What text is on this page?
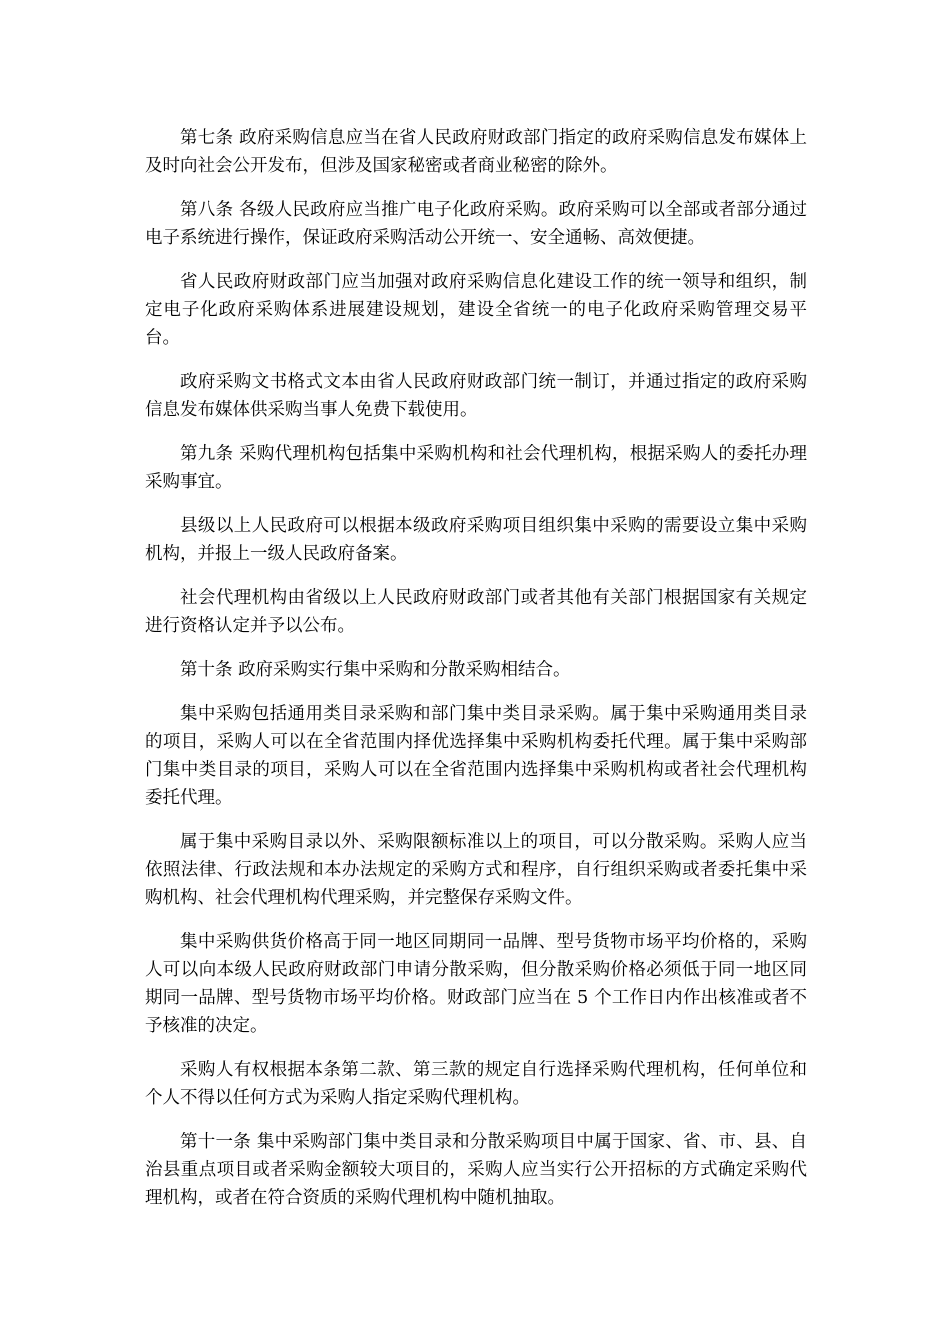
第七条 政府采购信息应当在省人民政府财政部门指定的政府采购信息发布媒体上及时向社会公开发布，但涉及国家秘密或者商业秘密的除外。

第八条 各级人民政府应当推广电子化政府采购。政府采购可以全部或者部分通过电子系统进行操作，保证政府采购活动公开统一、安全通畅、高效便捷。

省人民政府财政部门应当加强对政府采购信息化建设工作的统一领导和组织，制定电子化政府采购体系进展建设规划，建设全省统一的电子化政府采购管理交易平台。

政府采购文书格式文本由省人民政府财政部门统一制订，并通过指定的政府采购信息发布媒体供采购当事人免费下载使用。

第九条 采购代理机构包括集中采购机构和社会代理机构，根据采购人的委托办理采购事宜。

县级以上人民政府可以根据本级政府采购项目组织集中采购的需要设立集中采购机构，并报上一级人民政府备案。

社会代理机构由省级以上人民政府财政部门或者其他有关部门根据国家有关规定进行资格认定并予以公布。

第十条 政府采购实行集中采购和分散采购相结合。

集中采购包括通用类目录采购和部门集中类目录采购。属于集中采购通用类目录的项目，采购人可以在全省范围内择优选择集中采购机构委托代理。属于集中采购部门集中类目录的项目，采购人可以在全省范围内选择集中采购机构或者社会代理机构委托代理。

属于集中采购目录以外、采购限额标准以上的项目，可以分散采购。采购人应当依照法律、行政法规和本办法规定的采购方式和程序，自行组织采购或者委托集中采购机构、社会代理机构代理采购，并完整保存采购文件。

集中采购供货价格高于同一地区同期同一品牌、型号货物市场平均价格的，采购人可以向本级人民政府财政部门申请分散采购，但分散采购价格必须低于同一地区同期同一品牌、型号货物市场平均价格。财政部门应当在 5 个工作日内作出核准或者不予核准的决定。

采购人有权根据本条第二款、第三款的规定自行选择采购代理机构，任何单位和个人不得以任何方式为采购人指定采购代理机构。

第十一条 集中采购部门集中类目录和分散采购项目中属于国家、省、市、县、自治县重点项目或者采购金额较大项目的，采购人应当实行公开招标的方式确定采购代理机构，或者在符合资质的采购代理机构中随机抽取。
